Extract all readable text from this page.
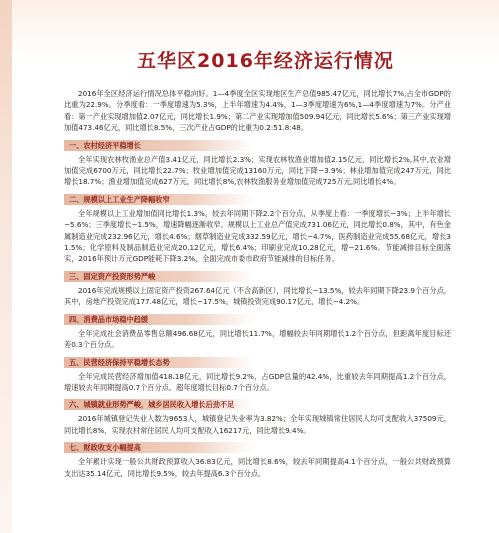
五华区2016年经济运行情况

2016年全区经济运行情况总体平稳向好。1—4季度全区实现地区生产总值985.47亿元，同比增长7%,占全市GDP的比重为22.9%。分季度看：一季度增速为5.3%，上半年增速为4.4%，1—3季度增速为6%,1—4季度增速为7%。分产业看：第一产业实现增加值2.07亿元，同比增长1.9%；第二产业实现增加值509.94亿元，同比增长5.6%；第三产业实现增加值473.46亿元，同比增长8.5%，三次产业占GDP的比重为0.2:51.8:48。

一、农村经济平稳增长

全年实现农林牧渔业总产值3.41亿元，同比增长2.3%；实现农林牧渔业增加值2.15亿元，同比增长2%,其中,农业增加值完成6700万元，同比增长22.7%；牧业增加值完成13160万元，同比下降−3.9%；林业增加值完成247万元，同比增长18.7%；渔业增加值完成627万元，同比增长8%,农林牧渔服务业增加值完成725万元,同比增长4%。

二、规模以上工业生产降幅收窄

全年规模以上工业增加值同比增长1.3%，较去年同期下降2.2个百分点，从季度上看：一季度增长−3%；上半年增长−5.6%；三季度增长−1.5%，增速降幅逐渐收窄。规模以上工业总产值完成731.06亿元，同比增长0.8%，其中，有色金属制造业完成232.96亿元，增长4.6%；烟草制造业完成332.59亿元，增长−4.7%，医药制造业完成55.68亿元，增长31.5%；化学原料及制品制造业完成20.12亿元，增长6.4%；印刷业完成10.28亿元，增−21.6%。节能减排目标全面落实，2016年预计万元GDP能耗下降3.2%，全面完成市委市政府节能减排的目标任务。

三、固定资产投资形势严峻

2016年完成规模以上固定资产投资267.64亿元（不含高新区），同比增长−13.5%，较去年同期下降23.9个百分点，其中，房地产投资完成177.48亿元，增长−17.5%，城镇投资完成90.17亿元，增长−4.2%。

四、消费品市场稳中趋缓

全年完成社会消费品零售总额496.68亿元，同比增长11.7%，增幅较去年同期增长1.2个百分点，但距离年度目标还差0.3个百分点。

五、民营经济保持平稳增长态势

全年完成民营经济增加值418.18亿元，同比增长9.2%，占GDP总量的42.4%，比重较去年同期提高1.2个百分点，增速较去年同期提高0.7个百分点。超年度增长目标0.7个百分点。

六、城镇就业形势严峻，城乡居民收入增长后劲不足

2016年城镇登记失业人数为9653人，城镇登记失业率为3.82%；全年实现城镇常住居民人均可支配收入37509元，同比增长8%，实现农村常住居民人均可支配收入16217元，同比增长9.4%。

七、财政收支小幅提高

全年累计实现一般公共财政预算收入36.83亿元，同比增长8.6%，较去年同期提高4.1个百分点，一般公共财政预算支出达35.14亿元，同比增长9.5%，较去年提高6.3个百分点。
